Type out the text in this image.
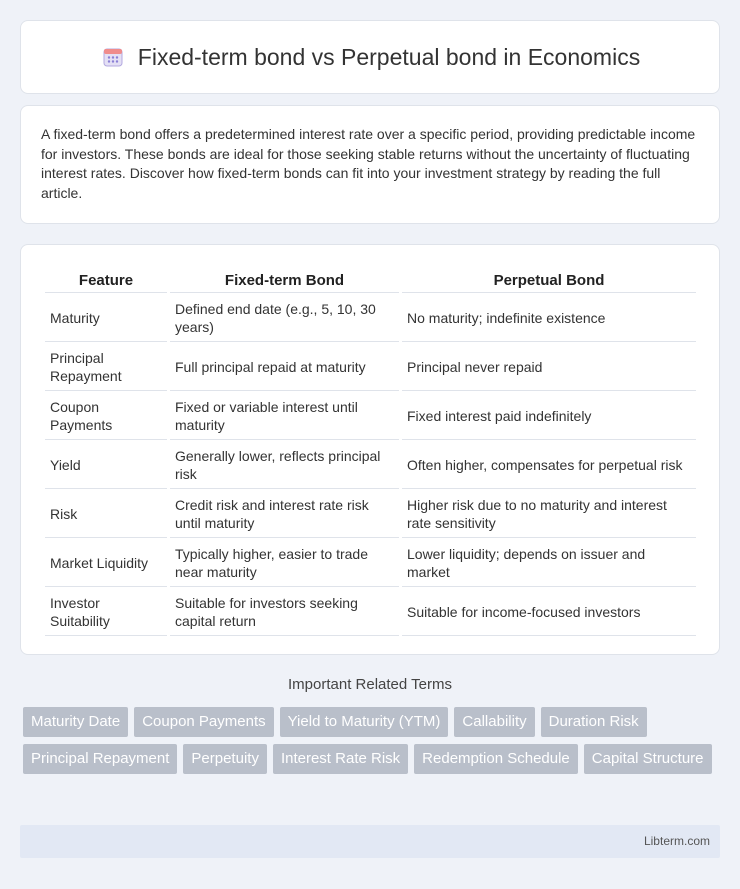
Fixed-term bond vs Perpetual bond in Economics

A fixed-term bond offers a predetermined interest rate over a specific period, providing predictable income for investors. These bonds are ideal for those seeking stable returns without the uncertainty of fluctuating interest rates. Discover how fixed-term bonds can fit into your investment strategy by reading the full article.

Feature	Fixed-term Bond	Perpetual Bond
Maturity	Defined end date (e.g., 5, 10, 30 years)	No maturity; indefinite existence
Principal Repayment	Full principal repaid at maturity	Principal never repaid
Coupon Payments	Fixed or variable interest until maturity	Fixed interest paid indefinitely
Yield	Generally lower, reflects principal risk	Often higher, compensates for perpetual risk
Risk	Credit risk and interest rate risk until maturity	Higher risk due to no maturity and interest rate sensitivity
Market Liquidity	Typically higher, easier to trade near maturity	Lower liquidity; depends on issuer and market
Investor Suitability	Suitable for investors seeking capital return	Suitable for income-focused investors
Important Related Terms
Maturity Date	Coupon Payments	Yield to Maturity (YTM)	Callability	Duration Risk
Principal Repayment	Perpetuity	Interest Rate Risk	Redemption Schedule	Capital Structure
Libterm.com
